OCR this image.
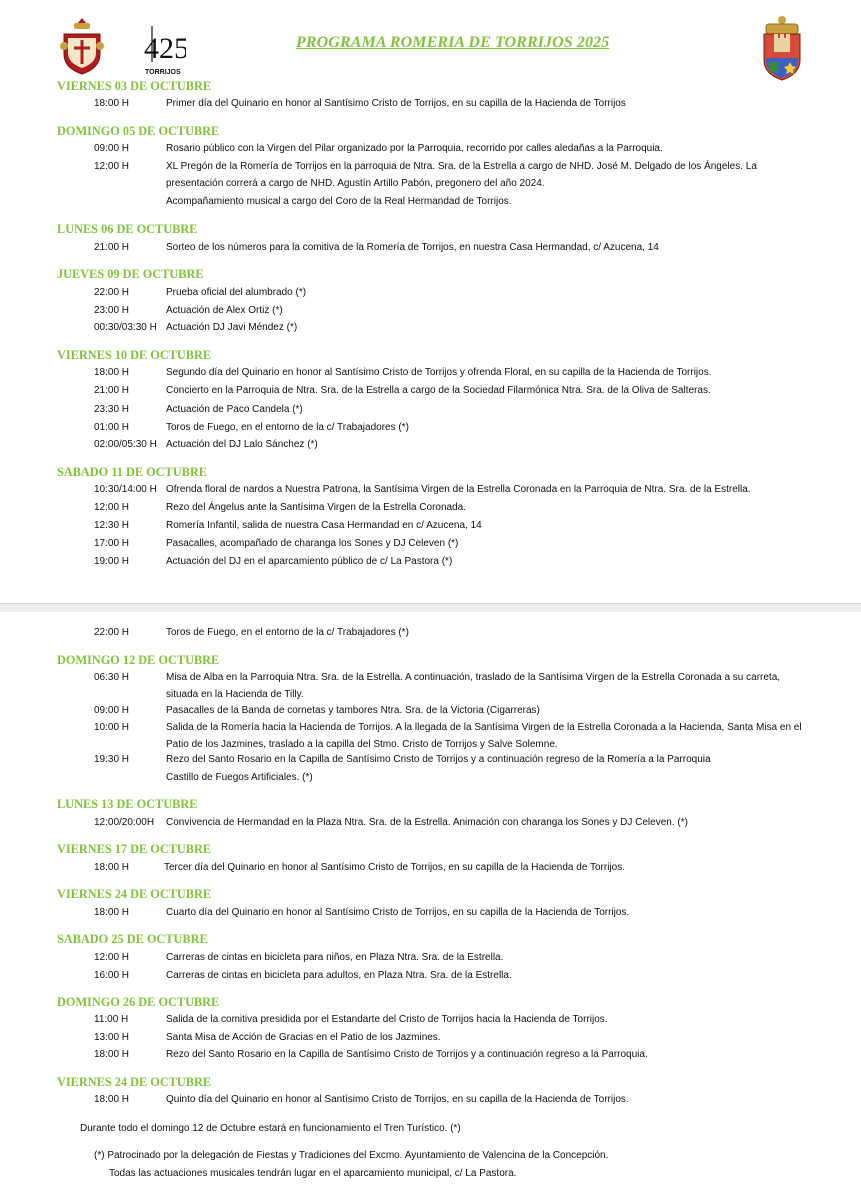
425
TORRIJOS
PROGRAMA ROMERIA DE TORRIJOS 2025
VIERNES 03 DE OCTUBRE
18:00 H	Primer día del Quinario en honor al Santísimo Cristo de Torrijos, en su capilla de la Hacienda de Torrijos
DOMINGO 05 DE OCTUBRE
09:00 H	Rosario público con la Virgen del Pilar organizado por la Parroquia, recorrido por calles aledañas a la Parroquia.
12:00 H	XL Pregón de la Romería de Torrijos en la parroquia de Ntra. Sra. de la Estrella a cargo de NHD. José M. Delgado de los Ángeles. La presentación correrá a cargo de NHD. Agustín Artillo Pabón, pregonero del año 2024.
Acompañamiento musical a cargo del Coro de la Real Hermandad de Torrijos.
LUNES 06 DE OCTUBRE
21:00 H	Sorteo de los números para la comitiva de la Romería de Torrijos, en nuestra Casa Hermandad, c/ Azucena, 14
JUEVES 09 DE OCTUBRE
22:00 H	Prueba oficial del alumbrado (*)
23:00 H	Actuación de Alex Ortiz (*)
00:30/03:30 H Actuación DJ Javi Méndez (*)
VIERNES 10 DE OCTUBRE
18:00 H	Segundo día del Quinario en honor al Santísimo Cristo de Torrijos y ofrenda Floral, en su capilla de la Hacienda de Torrijos.
21:00 H	Concierto en la Parroquia de Ntra. Sra. de la Estrella a cargo de la Sociedad Filarmónica Ntra. Sra. de la Oliva de Salteras.
23:30 H	Actuación de Paco Candela (*)
01:00 H	Toros de Fuego, en el entorno de la c/ Trabajadores (*)
02:00/05:30 H Actuación del DJ Lalo Sánchez (*)
SABADO 11 DE OCTUBRE
10:30/14:00 H Ofrenda floral de nardos a Nuestra Patrona, la Santísima Virgen de la Estrella Coronada en la Parroquia de Ntra. Sra. de la Estrella.
12:00 H	Rezo del Ángelus ante la Santísima Virgen de la Estrella Coronada.
12:30 H	Romería Infantil, salida de nuestra Casa Hermandad en c/ Azucena, 14
17:00 H	Pasacalles, acompañado de charanga los Sones y DJ Celeven (*)
19:00 H	Actuación del DJ en el aparcamiento público de c/ La Pastora (*)
22:00 H	Toros de Fuego, en el entorno de la c/ Trabajadores (*)
DOMINGO 12 DE OCTUBRE
06:30 H	Misa de Alba en la Parroquia Ntra. Sra. de la Estrella. A continuación, traslado de la Santísima Virgen de la Estrella Coronada a su carreta, situada en la Hacienda de Tilly.
09:00 H	Pasacalles de la Banda de cornetas y tambores Ntra. Sra. de la Victoria (Cigarreras)
10:00 H	Salida de la Romería hacia la Hacienda de Torrijos. A la llegada de la Santísima Virgen de la Estrella Coronada a la Hacienda, Santa Misa en el Patio de los Jazmines, traslado a la capilla del Stmo. Cristo de Torrijos y Salve Solemne.
19:30 H	Rezo del Santo Rosario en la Capilla de Santísimo Cristo de Torrijos y a continuación regreso de la Romería a la Parroquia
Castillo de Fuegos Artificiales. (*)
LUNES 13 DE OCTUBRE
12:00/20:00H Convivencia de Hermandad en la Plaza Ntra. Sra. de la Estrella. Animación con charanga los Sones y DJ Celeven. (*)
VIERNES 17 DE OCTUBRE
18:00 H	Tercer día del Quinario en honor al Santísimo Cristo de Torrijos, en su capilla de la Hacienda de Torrijos.
VIERNES 24 DE OCTUBRE
18:00 H	Cuarto día del Quinario en honor al Santísimo Cristo de Torrijos, en su capilla de la Hacienda de Torrijos.
SABADO 25 DE OCTUBRE
12:00 H	Carreras de cintas en bicicleta para niños, en Plaza Ntra. Sra. de la Estrella.
16:00 H	Carreras de cintas en bicicleta para adultos, en Plaza Ntra. Sra. de la Estrella.
DOMINGO 26 DE OCTUBRE
11:00 H	Salida de la comitiva presidida por el Estandarte del Cristo de Torrijos hacia la Hacienda de Torrijos.
13:00 H	Santa Misa de Acción de Gracias en el Patio de los Jazmines.
18:00 H	Rezo del Santo Rosario en la Capilla de Santísimo Cristo de Torrijos y a continuación regreso a la Parroquia.
VIERNES 24 DE OCTUBRE
18:00 H	Quinto día del Quinario en honor al Santísimo Cristo de Torrijos, en su capilla de la Hacienda de Torrijos.
Durante todo el domingo 12 de Octubre estará en funcionamiento el Tren Turístico. (*)
(*) Patrocinado por la delegación de Fiestas y Tradiciones del Excmo. Ayuntamiento de Valencina de la Concepción.
Todas las actuaciones musicales tendrán lugar en el aparcamiento municipal, c/ La Pastora.
